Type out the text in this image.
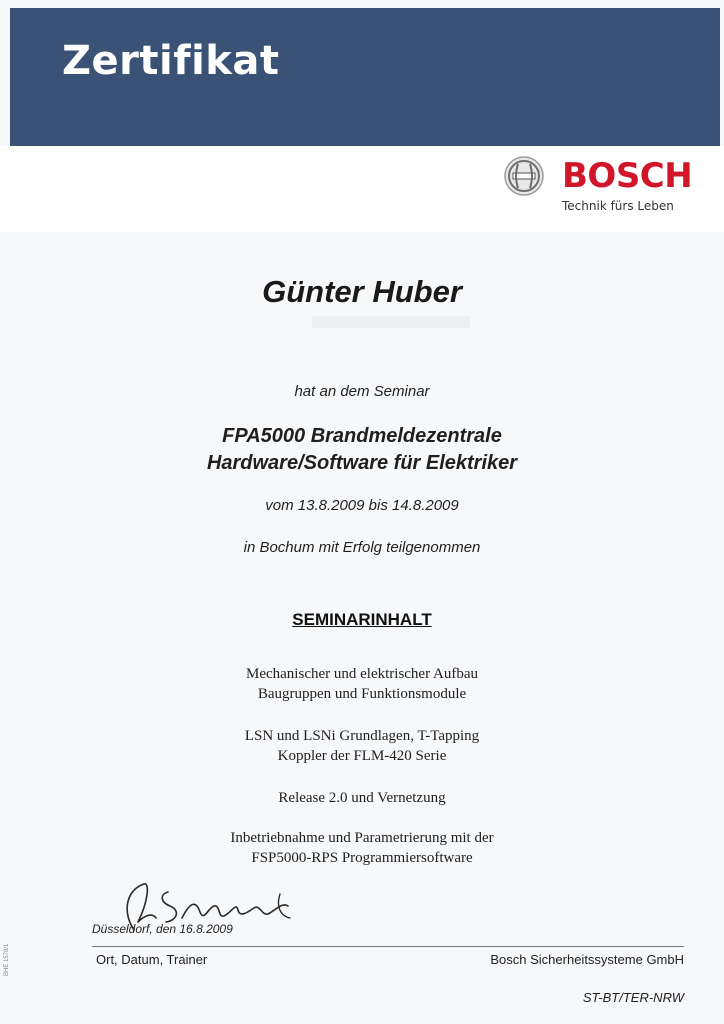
Zertifikat
BOSCH
Technik fürs Leben
Günter Huber
hat an dem Seminar
FPA5000 Brandmeldezentrale
Hardware/Software für Elektriker
vom 13.8.2009 bis 14.8.2009
in Bochum mit Erfolg teilgenommen
SEMINARINHALT
Mechanischer und elektrischer Aufbau
Baugruppen und Funktionsmodule
LSN und LSNi Grundlagen, T-Tapping
Koppler der FLM-420 Serie
Release 2.0 und Vernetzung
Inbetriebnahme und Parametrierung mit der
FSP5000-RPS Programmiersoftware
Düsseldorf, den 16.8.2009
Ort, Datum, Trainer	Bosch Sicherheitssysteme GmbH
ST-BT/TER-NRW
BHE 1578/1
